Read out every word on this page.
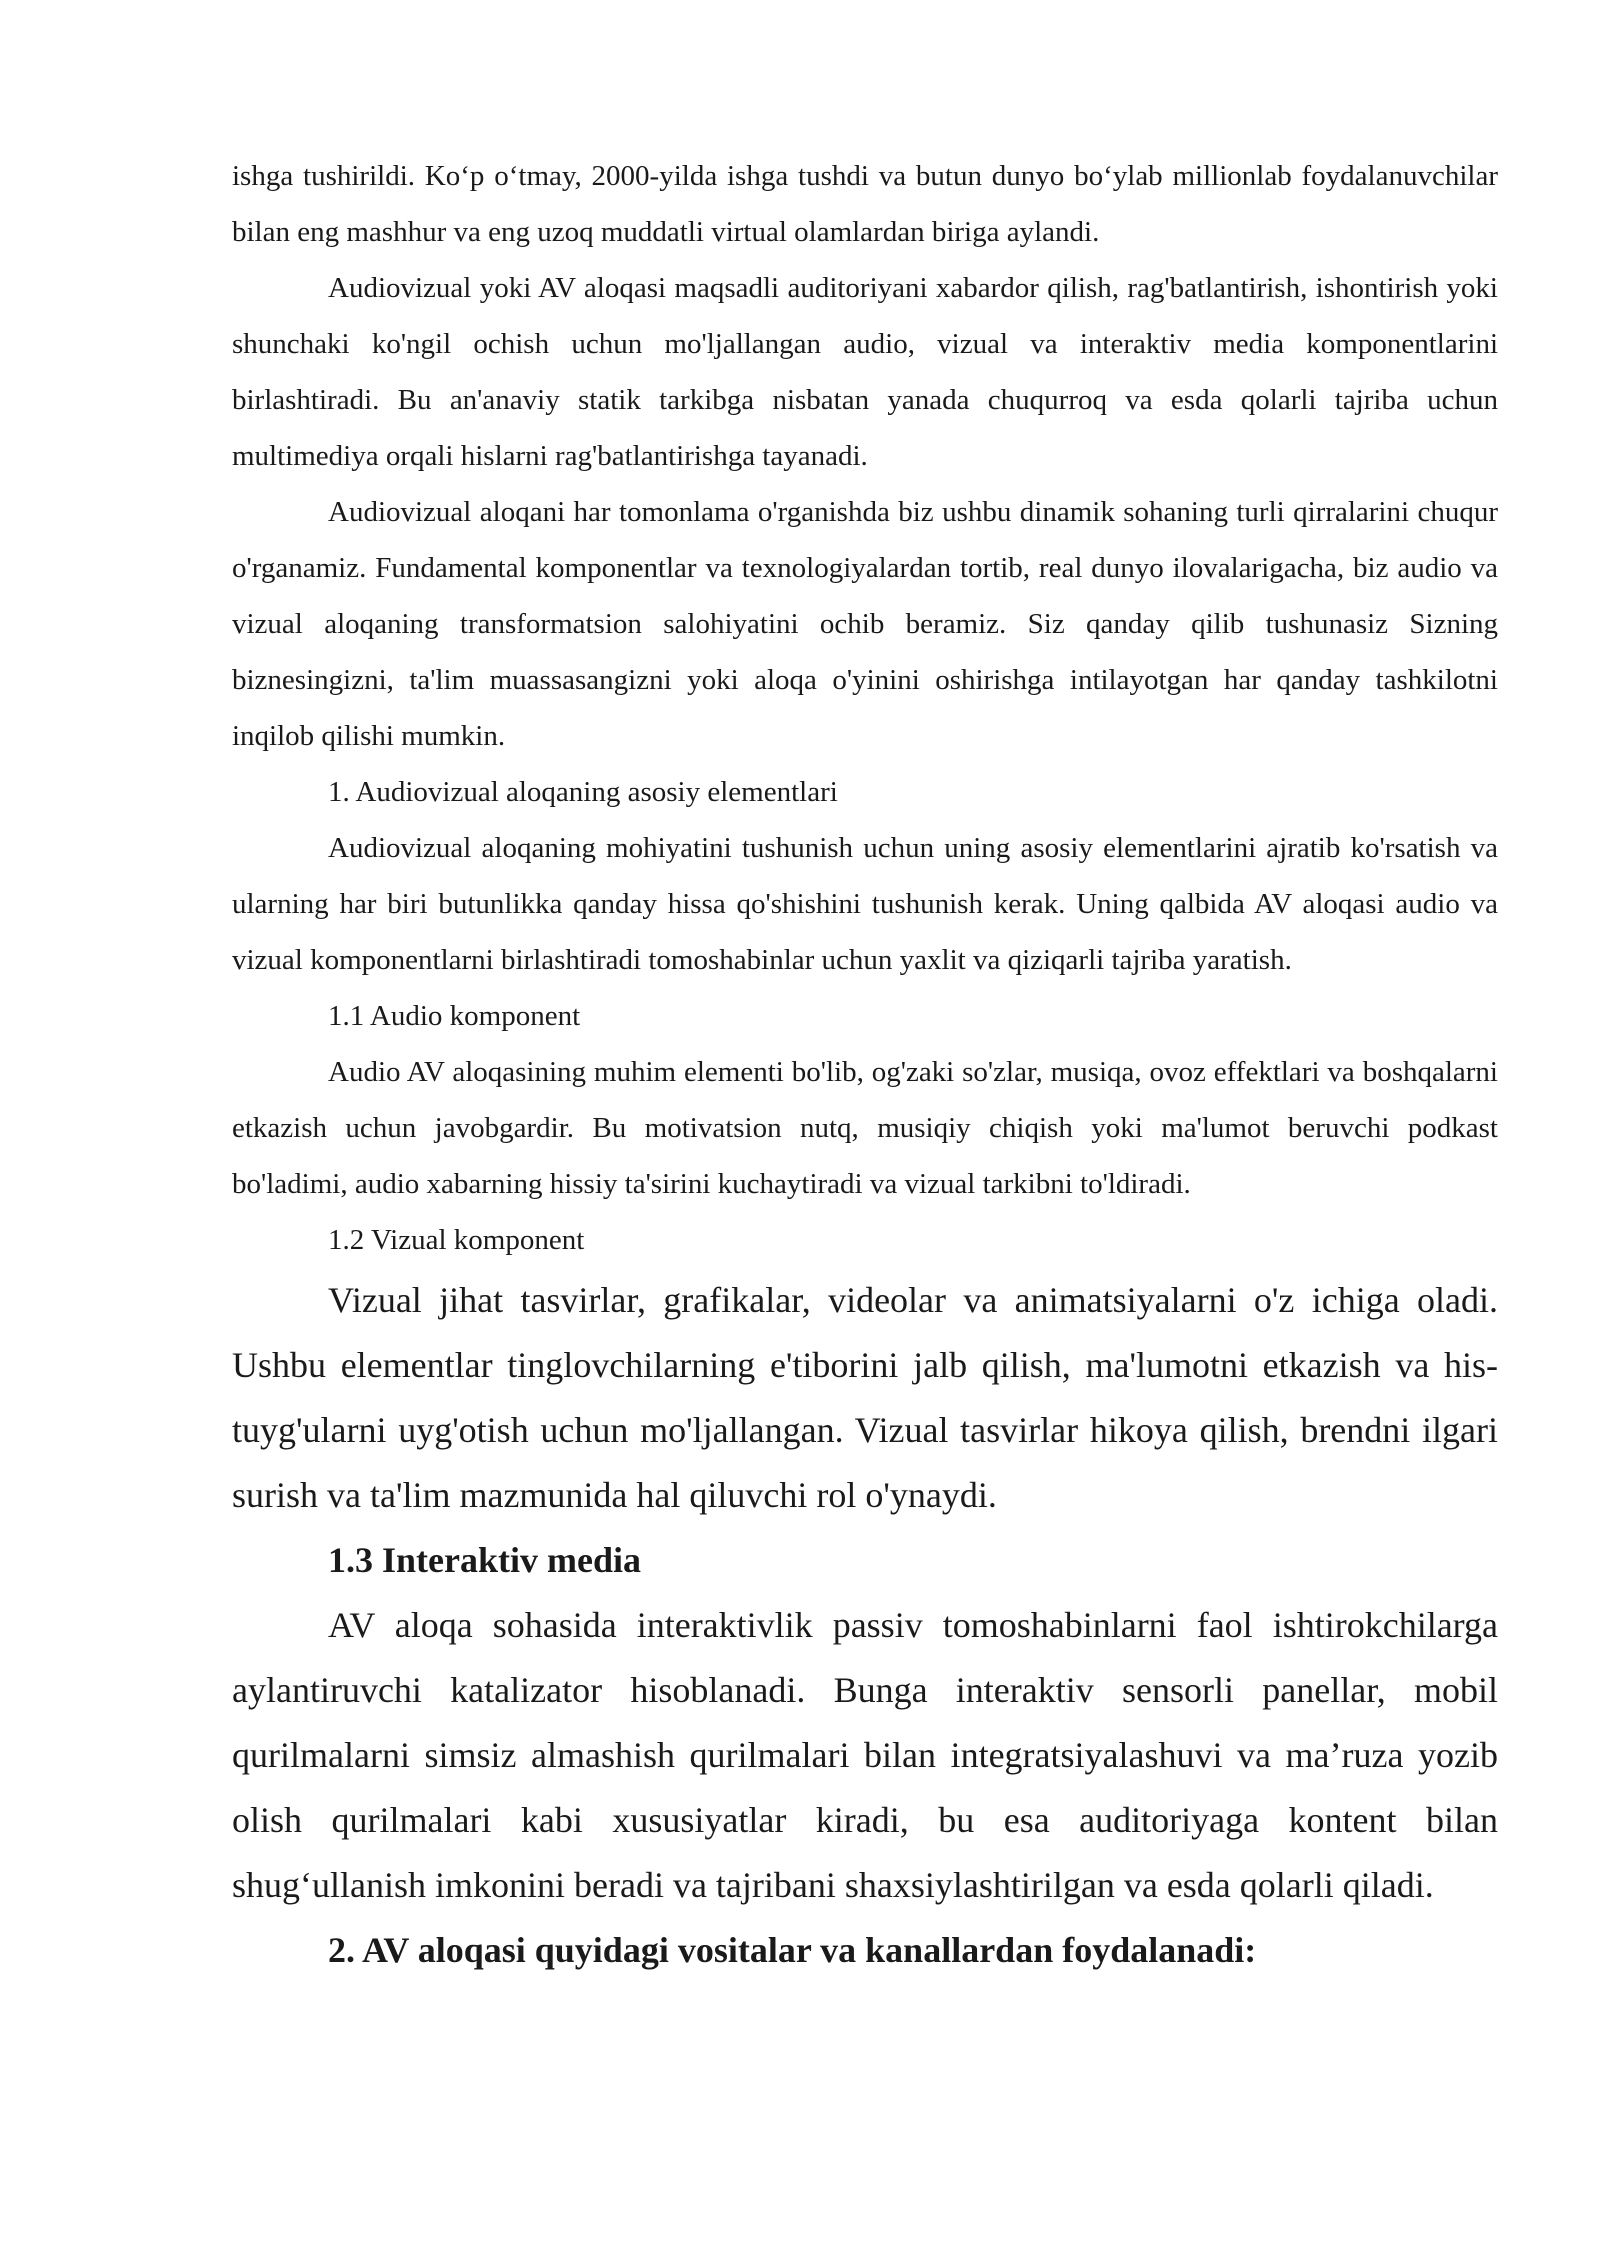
ishga tushirildi. Ko‘p o‘tmay, 2000-yilda ishga tushdi va butun dunyo bo‘ylab millionlab foydalanuvchilar bilan eng mashhur va eng uzoq muddatli virtual olamlardan biriga aylandi.

Audiovizual yoki AV aloqasi maqsadli auditoriyani xabardor qilish, rag'batlantirish, ishontirish yoki shunchaki ko'ngil ochish uchun mo'ljallangan audio, vizual va interaktiv media komponentlarini birlashtiradi. Bu an'anaviy statik tarkibga nisbatan yanada chuqurroq va esda qolarli tajriba uchun multimediya orqali hislarni rag'batlantirishga tayanadi.

Audiovizual aloqani har tomonlama o'rganishda biz ushbu dinamik sohaning turli qirralarini chuqur o'rganamiz. Fundamental komponentlar va texnologiyalardan tortib, real dunyo ilovalarigacha, biz audio va vizual aloqaning transformatsion salohiyatini ochib beramiz. Siz qanday qilib tushunasiz Sizning biznesingizni, ta'lim muassasangizni yoki aloqa o'yinini oshirishga intilayotgan har qanday tashkilotni inqilob qilishi mumkin.

1. Audiovizual aloqaning asosiy elementlari

Audiovizual aloqaning mohiyatini tushunish uchun uning asosiy elementlarini ajratib ko'rsatish va ularning har biri butunlikka qanday hissa qo'shishini tushunish kerak. Uning qalbida AV aloqasi audio va vizual komponentlarni birlashtiradi tomoshabinlar uchun yaxlit va qiziqarli tajriba yaratish.

1.1 Audio komponent

Audio AV aloqasining muhim elementi bo'lib, og'zaki so'zlar, musiqa, ovoz effektlari va boshqalarni etkazish uchun javobgardir. Bu motivatsion nutq, musiqiy chiqish yoki ma'lumot beruvchi podkast bo'ladimi, audio xabarning hissiy ta'sirini kuchaytiradi va vizual tarkibni to'ldiradi.

1.2 Vizual komponent

Vizual jihat tasvirlar, grafikalar, videolar va animatsiyalarni o'z ichiga oladi. Ushbu elementlar tinglovchilarning e'tiborini jalb qilish, ma'lumotni etkazish va his-tuyg'ularni uyg'otish uchun mo'ljallangan. Vizual tasvirlar hikoya qilish, brendni ilgari surish va ta'lim mazmunida hal qiluvchi rol o'ynaydi.

1.3 Interaktiv media

AV aloqa sohasida interaktivlik passiv tomoshabinlarni faol ishtirokchilarga aylantiruvchi katalizator hisoblanadi. Bunga interaktiv sensorli panellar, mobil qurilmalarni simsiz almashish qurilmalari bilan integratsiyalashuvi va ma’ruza yozib olish qurilmalari kabi xususiyatlar kiradi, bu esa auditoriyaga kontent bilan shug‘ullanish imkonini beradi va tajribani shaxsiylashtirilgan va esda qolarli qiladi.

2. AV aloqasi quyidagi vositalar va kanallardan foydalanadi:
